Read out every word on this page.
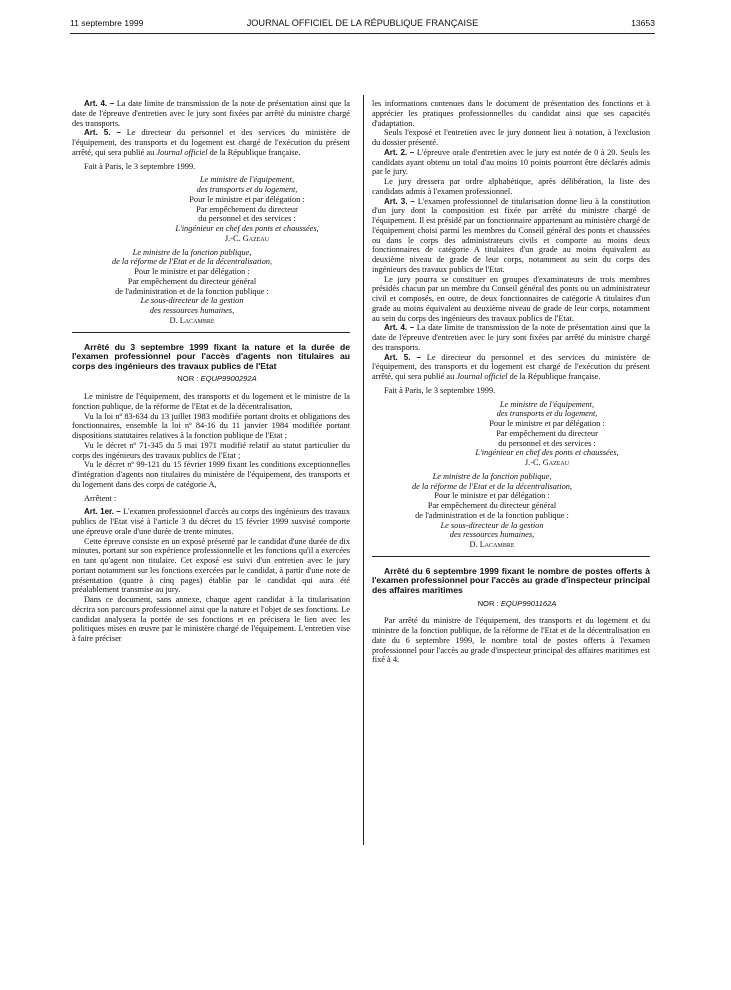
11 septembre 1999	JOURNAL OFFICIEL DE LA RÉPUBLIQUE FRANÇAISE	13653

Art. 4. – La date limite de transmission de la note de présentation ainsi que la date de l'épreuve d'entretien avec le jury sont fixées par arrêté du ministre chargé des transports.

Art. 5. – Le directeur du personnel et des services du ministère de l'équipement, des transports et du logement est chargé de l'exécution du présent arrêté, qui sera publié au Journal officiel de la République française.

Fait à Paris, le 3 septembre 1999.

Le ministre de l'équipement,

des transports et du logement,

Pour le ministre et par délégation :

Par empêchement du directeur

du personnel et des services :

L'ingénieur en chef des ponts et chaussées,

J.-C. Gazeau

Le ministre de la fonction publique,

de la réforme de l'Etat et de la décentralisation,

Pour le ministre et par délégation :

Par empêchement du directeur général

de l'administration et de la fonction publique :

Le sous-directeur de la gestion

des ressources humaines,

D. Lacambre

Arrêté du 3 septembre 1999 fixant la nature et la durée de l'examen professionnel pour l'accès d'agents non titulaires au corps des ingénieurs des travaux publics de l'Etat

NOR : EQUP9900292A

Le ministre de l'équipement, des transports et du logement et le ministre de la fonction publique, de la réforme de l'Etat et de la décentralisation,

Vu la loi nº 83-634 du 13 juillet 1983 modifiée portant droits et obligations des fonctionnaires, ensemble la loi nº 84-16 du 11 janvier 1984 modifiée portant dispositions statutaires relatives à la fonction publique de l'Etat ;

Vu le décret nº 71-345 du 5 mai 1971 modifié relatif au statut particulier du corps des ingénieurs des travaux publics de l'Etat ;

Vu le décret nº 99-121 du 15 février 1999 fixant les conditions exceptionnelles d'intégration d'agents non titulaires du ministère de l'équipement, des transports et du logement dans des corps de catégorie A,

Arrêtent :

Art. 1er. – L'examen professionnel d'accès au corps des ingénieurs des travaux publics de l'Etat visé à l'article 3 du décret du 15 février 1999 susvisé comporte une épreuve orale d'une durée de trente minutes.

Cette épreuve consiste en un exposé présenté par le candidat d'une durée de dix minutes, portant sur son expérience professionnelle et les fonctions qu'il a exercées en tant qu'agent non titulaire. Cet exposé est suivi d'un entretien avec le jury portant notamment sur les fonctions exercées par le candidat, à partir d'une note de présentation (quatre à cinq pages) établie par le candidat qui aura été préalablement transmise au jury.

Dans ce document, sans annexe, chaque agent candidat à la titularisation décrira son parcours professionnel ainsi que la nature et l'objet de ses fonctions. Le candidat analysera la portée de ses fonctions et en précisera le lien avec les politiques mises en œuvre par le ministère chargé de l'équipement. L'entretien vise à faire préciser

les informations contenues dans le document de présentation des fonctions et à apprécier les pratiques professionnelles du candidat ainsi que ses capacités d'adaptation.

Seuls l'exposé et l'entretien avec le jury donnent lieu à notation, à l'exclusion du dossier présenté.

Art. 2. – L'épreuve orale d'entretien avec le jury est notée de 0 à 20. Seuls les candidats ayant obtenu un total d'au moins 10 points pourront être déclarés admis par le jury.

Le jury dressera par ordre alphabétique, après délibération, la liste des candidats admis à l'examen professionnel.

Art. 3. – L'examen professionnel de titularisation donne lieu à la constitution d'un jury dont la composition est fixée par arrêté du ministre chargé de l'équipement. Il est présidé par un fonctionnaire appartenant au ministère chargé de l'équipement choisi parmi les membres du Conseil général des ponts et chaussées ou dans le corps des administrateurs civils et comporte au moins deux fonctionnaires de catégorie A titulaires d'un grade au moins équivalent au deuxième niveau de grade de leur corps, notamment au sein du corps des ingénieurs des travaux publics de l'Etat.

Le jury pourra se constituer en groupes d'examinateurs de trois membres présidés chacun par un membre du Conseil général des ponts ou un administrateur civil et composés, en outre, de deux fonctionnaires de catégorie A titulaires d'un grade au moins équivalent au deuxième niveau de grade de leur corps, notamment au sein du corps des ingénieurs des travaux publics de l'Etat.

Art. 4. – La date limite de transmission de la note de présentation ainsi que la date de l'épreuve d'entretien avec le jury sont fixées par arrêté du ministre chargé des transports.

Art. 5. – Le directeur du personnel et des services du ministère de l'équipement, des transports et du logement est chargé de l'exécution du présent arrêté, qui sera publié au Journal officiel de la République française.

Fait à Paris, le 3 septembre 1999.

Le ministre de l'équipement,

des transports et du logement,

Pour le ministre et par délégation :

Par empêchement du directeur

du personnel et des services :

L'ingénieur en chef des ponts et chaussées,

J.-C. Gazeau

Le ministre de la fonction publique,

de la réforme de l'Etat et de la décentralisation,

Pour le ministre et par délégation :

Par empêchement du directeur général

de l'administration et de la fonction publique :

Le sous-directeur de la gestion

des ressources humaines,

D. Lacambre

Arrêté du 6 septembre 1999 fixant le nombre de postes offerts à l'examen professionnel pour l'accès au grade d'inspecteur principal des affaires maritimes

NOR : EQUP9901162A

Par arrêté du ministre de l'équipement, des transports et du logement et du ministre de la fonction publique, de la réforme de l'Etat et de la décentralisation en date du 6 septembre 1999, le nombre total de postes offerts à l'examen professionnel pour l'accès au grade d'inspecteur principal des affaires maritimes est fixé à 4.
